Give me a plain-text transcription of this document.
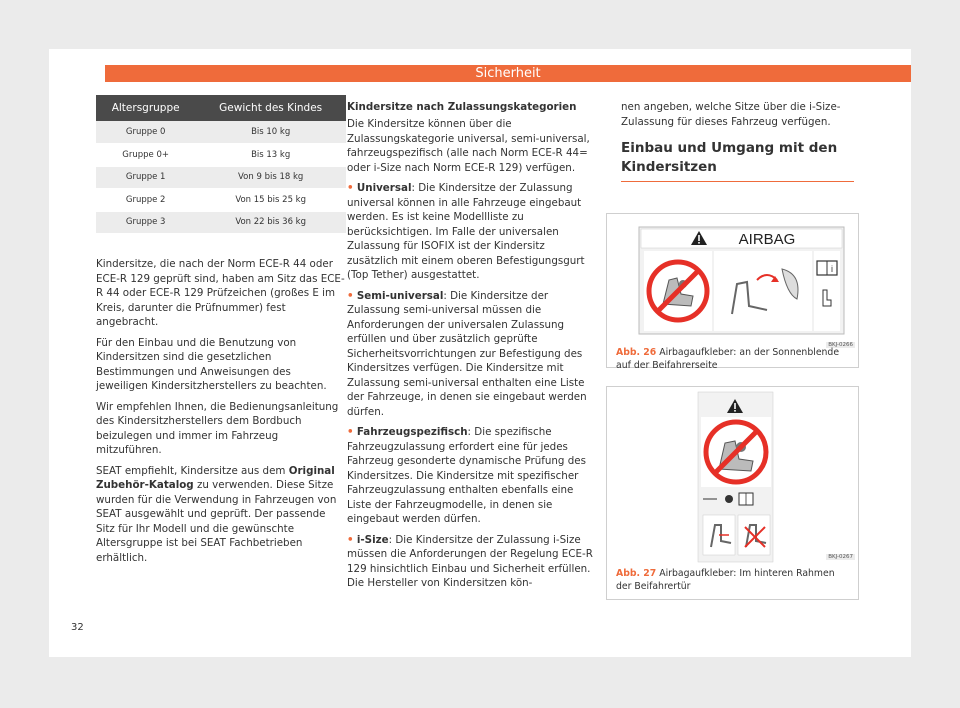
Sicherheit
Altersgruppe	Gewicht des Kindes
Gruppe 0	Bis 10 kg
Gruppe 0+	Bis 13 kg
Gruppe 1	Von 9 bis 18 kg
Gruppe 2	Von 15 bis 25 kg
Gruppe 3	Von 22 bis 36 kg

Kindersitze, die nach der Norm ECE-R 44 oder ECE-R 129 geprüft sind, haben am Sitz das ECE-R 44 oder ECE-R 129 Prüfzeichen (großes E im Kreis, darunter die Prüfnummer) fest angebracht.

Für den Einbau und die Benutzung von Kindersitzen sind die gesetzlichen Bestimmungen und Anweisungen des jeweiligen Kindersitzherstellers zu beachten.

Wir empfehlen Ihnen, die Bedienungsanleitung des Kindersitzherstellers dem Bordbuch beizulegen und immer im Fahrzeug mitzuführen.

SEAT empfiehlt, Kindersitze aus dem Original Zubehör-Katalog zu verwenden. Diese Sitze wurden für die Verwendung in Fahrzeugen von SEAT ausgewählt und geprüft. Der passende Sitz für Ihr Modell und die gewünschte Altersgruppe ist bei SEAT Fachbetrieben erhältlich.

Kindersitze nach Zulassungskategorien

Die Kindersitze können über die Zulassungskategorie universal, semi-universal, fahrzeugspezifisch (alle nach Norm ECE-R 44= oder i-Size nach Norm ECE-R 129) verfügen.

• Universal: Die Kindersitze der Zulassung universal können in alle Fahrzeuge eingebaut werden. Es ist keine Modellliste zu berücksichtigen. Im Falle der universalen Zulassung für ISOFIX ist der Kindersitz zusätzlich mit einem oberen Befestigungsgurt (Top Tether) ausgestattet.

• Semi-universal: Die Kindersitze der Zulassung semi-universal müssen die Anforderungen der universalen Zulassung erfüllen und über zusätzlich geprüfte Sicherheitsvorrichtungen zur Befestigung des Kindersitzes verfügen. Die Kindersitze mit Zulassung semi-universal enthalten eine Liste der Fahrzeuge, in denen sie eingebaut werden dürfen.

• Fahrzeugspezifisch: Die spezifische Fahrzeugzulassung erfordert eine für jedes Fahrzeug gesonderte dynamische Prüfung des Kindersitzes. Die Kindersitze mit spezifischer Fahrzeugzulassung enthalten ebenfalls eine Liste der Fahrzeugmodelle, in denen sie eingebaut werden dürfen.

• i-Size: Die Kindersitze der Zulassung i-Size müssen die Anforderungen der Regelung ECE-R 129 hinsichtlich Einbau und Sicherheit erfüllen. Die Hersteller von Kindersitzen kön-

nen angeben, welche Sitze über die i-Size-Zulassung für dieses Fahrzeug verfügen.

Einbau und Umgang mit den Kindersitzen
AIRBAG
i
BKJ-0266
Abb. 26 Airbagaufkleber: an der Sonnenblende auf der Beifahrerseite
BKJ-0267
Abb. 27 Airbagaufkleber: Im hinteren Rahmen der Beifahrertür
32
